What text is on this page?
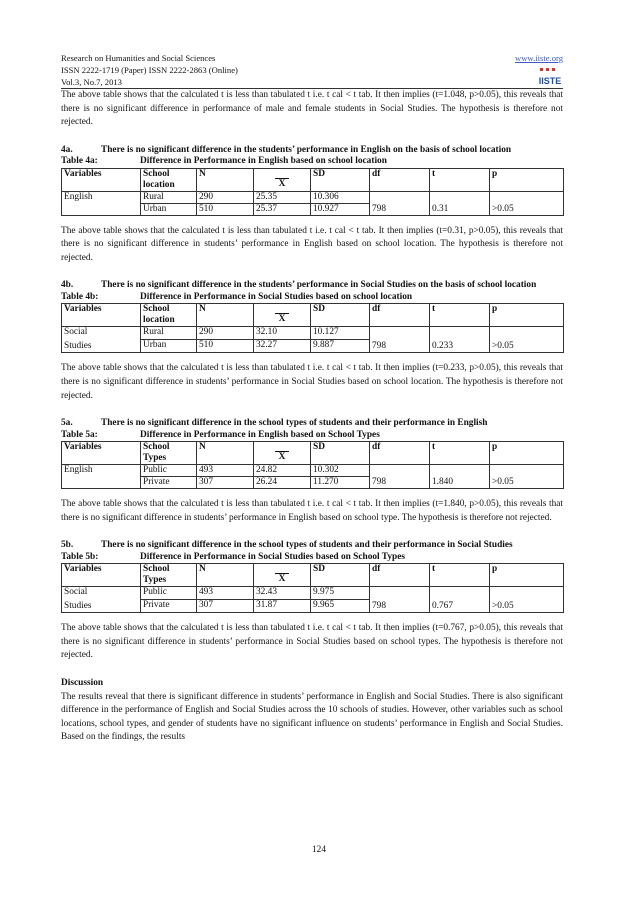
Research on Humanities and Social Sciences
ISSN 2222-1719 (Paper) ISSN 2222-2863 (Online)
Vol.3, No.7, 2013
www.iiste.org
IISTE

The above table shows that the calculated t is less than tabulated t i.e. t cal < t tab. It then implies (t=1.048, p>0.05), this reveals that there is no significant difference in performance of male and female students in Social Studies. The hypothesis is therefore not rejected.

4a.	There is no significant difference in the students’ performance in English on the basis of school location
Table 4a:	Difference in Performance in English based on school location
Variables	School location	N	X	SD	df	t	p

English	Rural	290	25.35	10.306	798	0.31	>0.05
	Urban	510	25.37	10.927			

The above table shows that the calculated t is less than tabulated t i.e. t cal < t tab. It then implies (t=0.31, p>0.05), this reveals that there is no significant difference in students’ performance in English based on school location. The hypothesis is therefore not rejected.

4b.	There is no significant difference in the students’ performance in Social Studies on the basis of school location
Table 4b:	Difference in Performance in Social Studies based on school location
Variables	School location	N	X	SD	df	t	p

Social
Studies	Rural	290	32.10	10.127	798	0.233	>0.05
	Urban	510	32.27	9.887			

The above table shows that the calculated t is less than tabulated t i.e. t cal < t tab. It then implies (t=0.233, p>0.05), this reveals that there is no significant difference in students’ performance in Social Studies based on school location. The hypothesis is therefore not rejected.

5a.	There is no significant difference in the school types of students and their performance in English
Table 5a:	Difference in Performance in English based on School Types
Variables	School Types	N	X	SD	df	t	p

English	Public	493	24.82	10.302	798	1.840	>0.05
	Private	307	26.24	11.270			

The above table shows that the calculated t is less than tabulated t i.e. t cal < t tab. It then implies (t=1.840, p>0.05), this reveals that there is no significant difference in students’ performance in English based on school type. The hypothesis is therefore not rejected.

5b.	There is no significant difference in the school types of students and their performance in Social Studies
Table 5b:	Difference in Performance in Social Studies based on School Types
Variables	School Types	N	X	SD	df	t	p

Social
Studies	Public	493	32.43	9.975	798	0.767	>0.05
	Private	307	31.87	9.965			

The above table shows that the calculated t is less than tabulated t i.e. t cal < t tab. It then implies (t=0.767, p>0.05), this reveals that there is no significant difference in students’ performance in Social Studies based on school types. The hypothesis is therefore not rejected.

Discussion

The results reveal that there is significant difference in students’ performance in English and Social Studies. There is also significant difference in the performance of English and Social Studies across the 10 schools of studies. However, other variables such as school locations, school types, and gender of students have no significant influence on students’ performance in English and Social Studies. Based on the findings, the results

124
